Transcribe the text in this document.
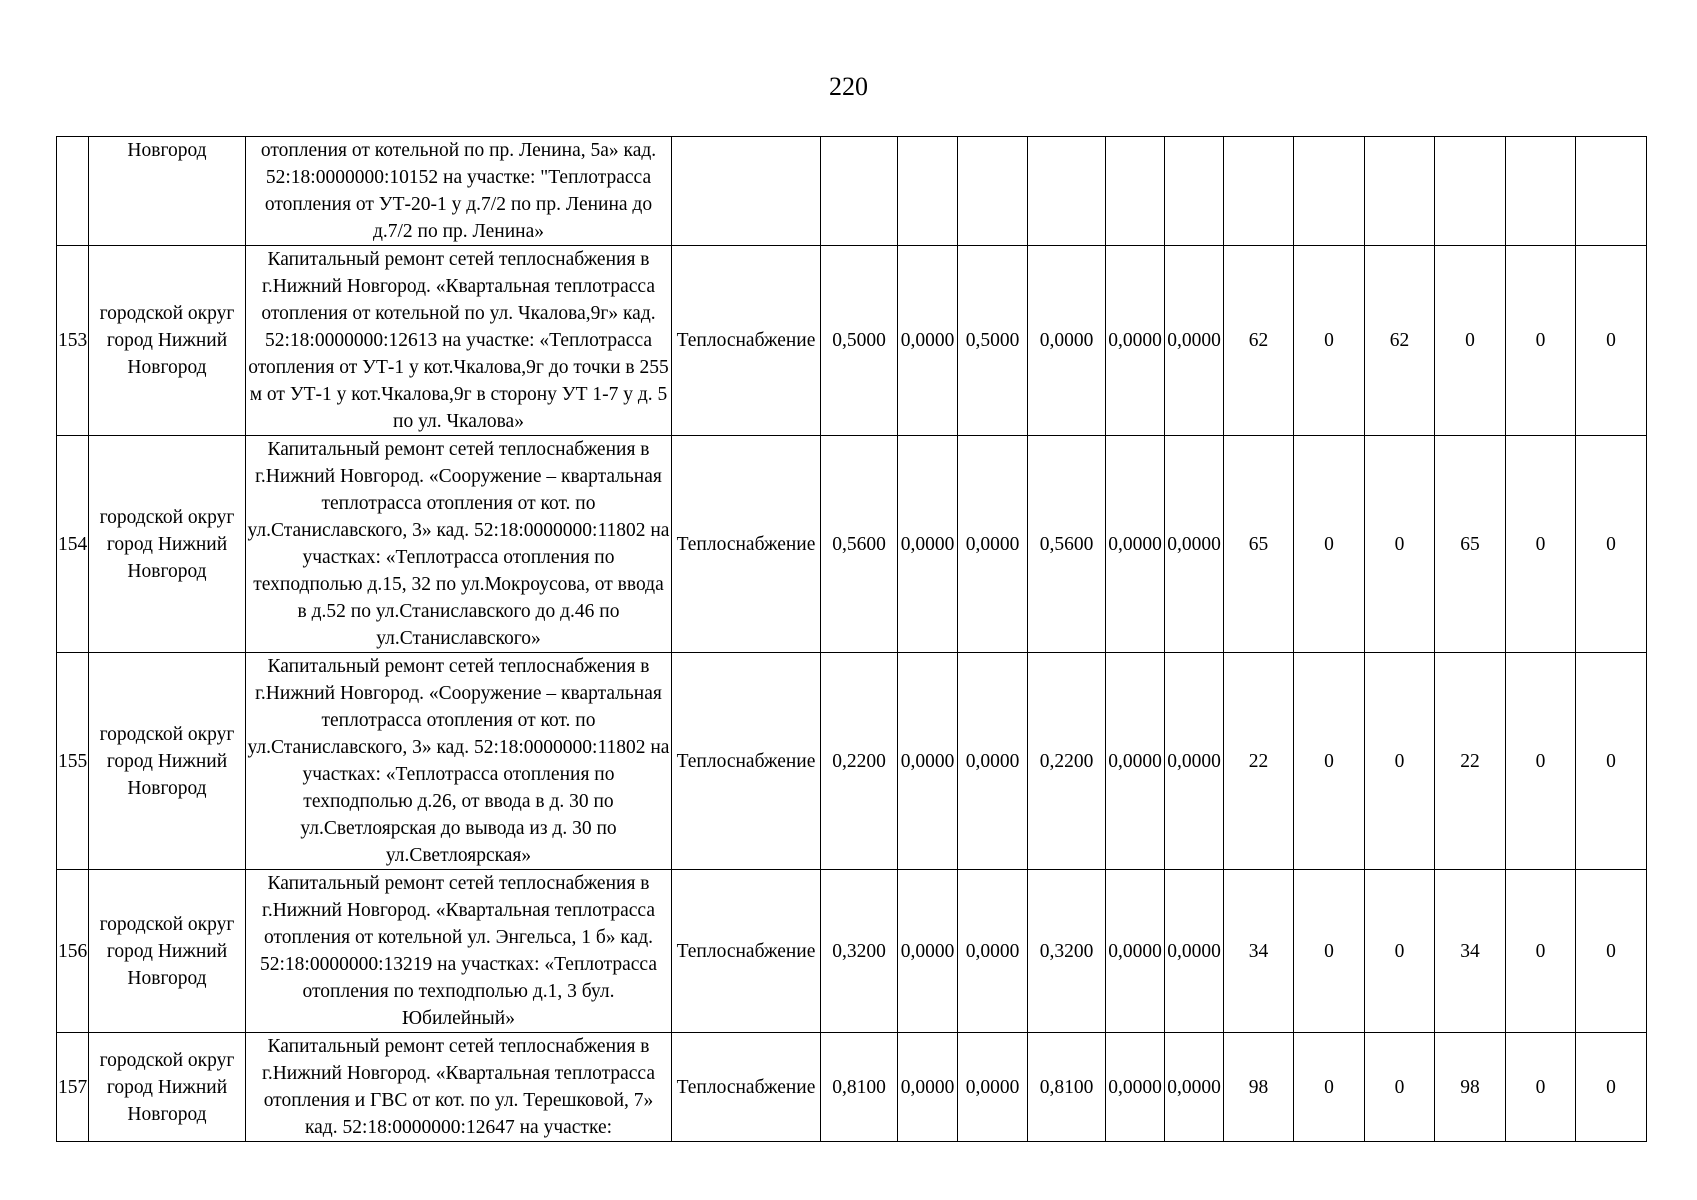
220
	Новгород	отопления от котельной по пр. Ленина, 5а» кад. 52:18:0000000:10152 на участке: "Теплотрасса отопления от УТ-20-1 у д.7/2 по пр. Ленина до д.7/2 по пр. Ленина»													
153	городской округ город Нижний Новгород	Капитальный ремонт сетей теплоснабжения в г.Нижний Новгород. «Квартальная теплотрасса отопления от котельной по ул. Чкалова,9г» кад. 52:18:0000000:12613 на участке: «Теплотрасса отопления от УТ-1 у кот.Чкалова,9г до точки в 255 м от УТ-1 у кот.Чкалова,9г в сторону УТ 1-7 у д. 5 по ул. Чкалова»	Теплоснабжение	0,5000	0,0000	0,5000	0,0000	0,0000	0,0000	62	0	62	0	0	0
154	городской округ город Нижний Новгород	Капитальный ремонт сетей теплоснабжения в г.Нижний Новгород. «Сооружение – квартальная теплотрасса отопления от кот. по ул.Станиславского, 3» кад. 52:18:0000000:11802 на участках: «Теплотрасса отопления по техподполью д.15, 32 по ул.Мокроусова, от ввода в д.52 по ул.Станиславского до д.46 по ул.Станиславского»	Теплоснабжение	0,5600	0,0000	0,0000	0,5600	0,0000	0,0000	65	0	0	65	0	0
155	городской округ город Нижний Новгород	Капитальный ремонт сетей теплоснабжения в г.Нижний Новгород. «Сооружение – квартальная теплотрасса отопления от кот. по ул.Станиславского, 3» кад. 52:18:0000000:11802 на участках: «Теплотрасса отопления по техподполью д.26, от ввода в д. 30 по ул.Светлоярская до вывода из д. 30 по ул.Светлоярская»	Теплоснабжение	0,2200	0,0000	0,0000	0,2200	0,0000	0,0000	22	0	0	22	0	0
156	городской округ город Нижний Новгород	Капитальный ремонт сетей теплоснабжения в г.Нижний Новгород. «Квартальная теплотрасса отопления от котельной ул. Энгельса, 1 б» кад. 52:18:0000000:13219 на участках: «Теплотрасса отопления по техподполью д.1, 3 бул. Юбилейный»	Теплоснабжение	0,3200	0,0000	0,0000	0,3200	0,0000	0,0000	34	0	0	34	0	0
157	городской округ город Нижний Новгород	Капитальный ремонт сетей теплоснабжения в г.Нижний Новгород. «Квартальная теплотрасса отопления и ГВС от кот. по ул. Терешковой, 7» кад. 52:18:0000000:12647 на участке:	Теплоснабжение	0,8100	0,0000	0,0000	0,8100	0,0000	0,0000	98	0	0	98	0	0
